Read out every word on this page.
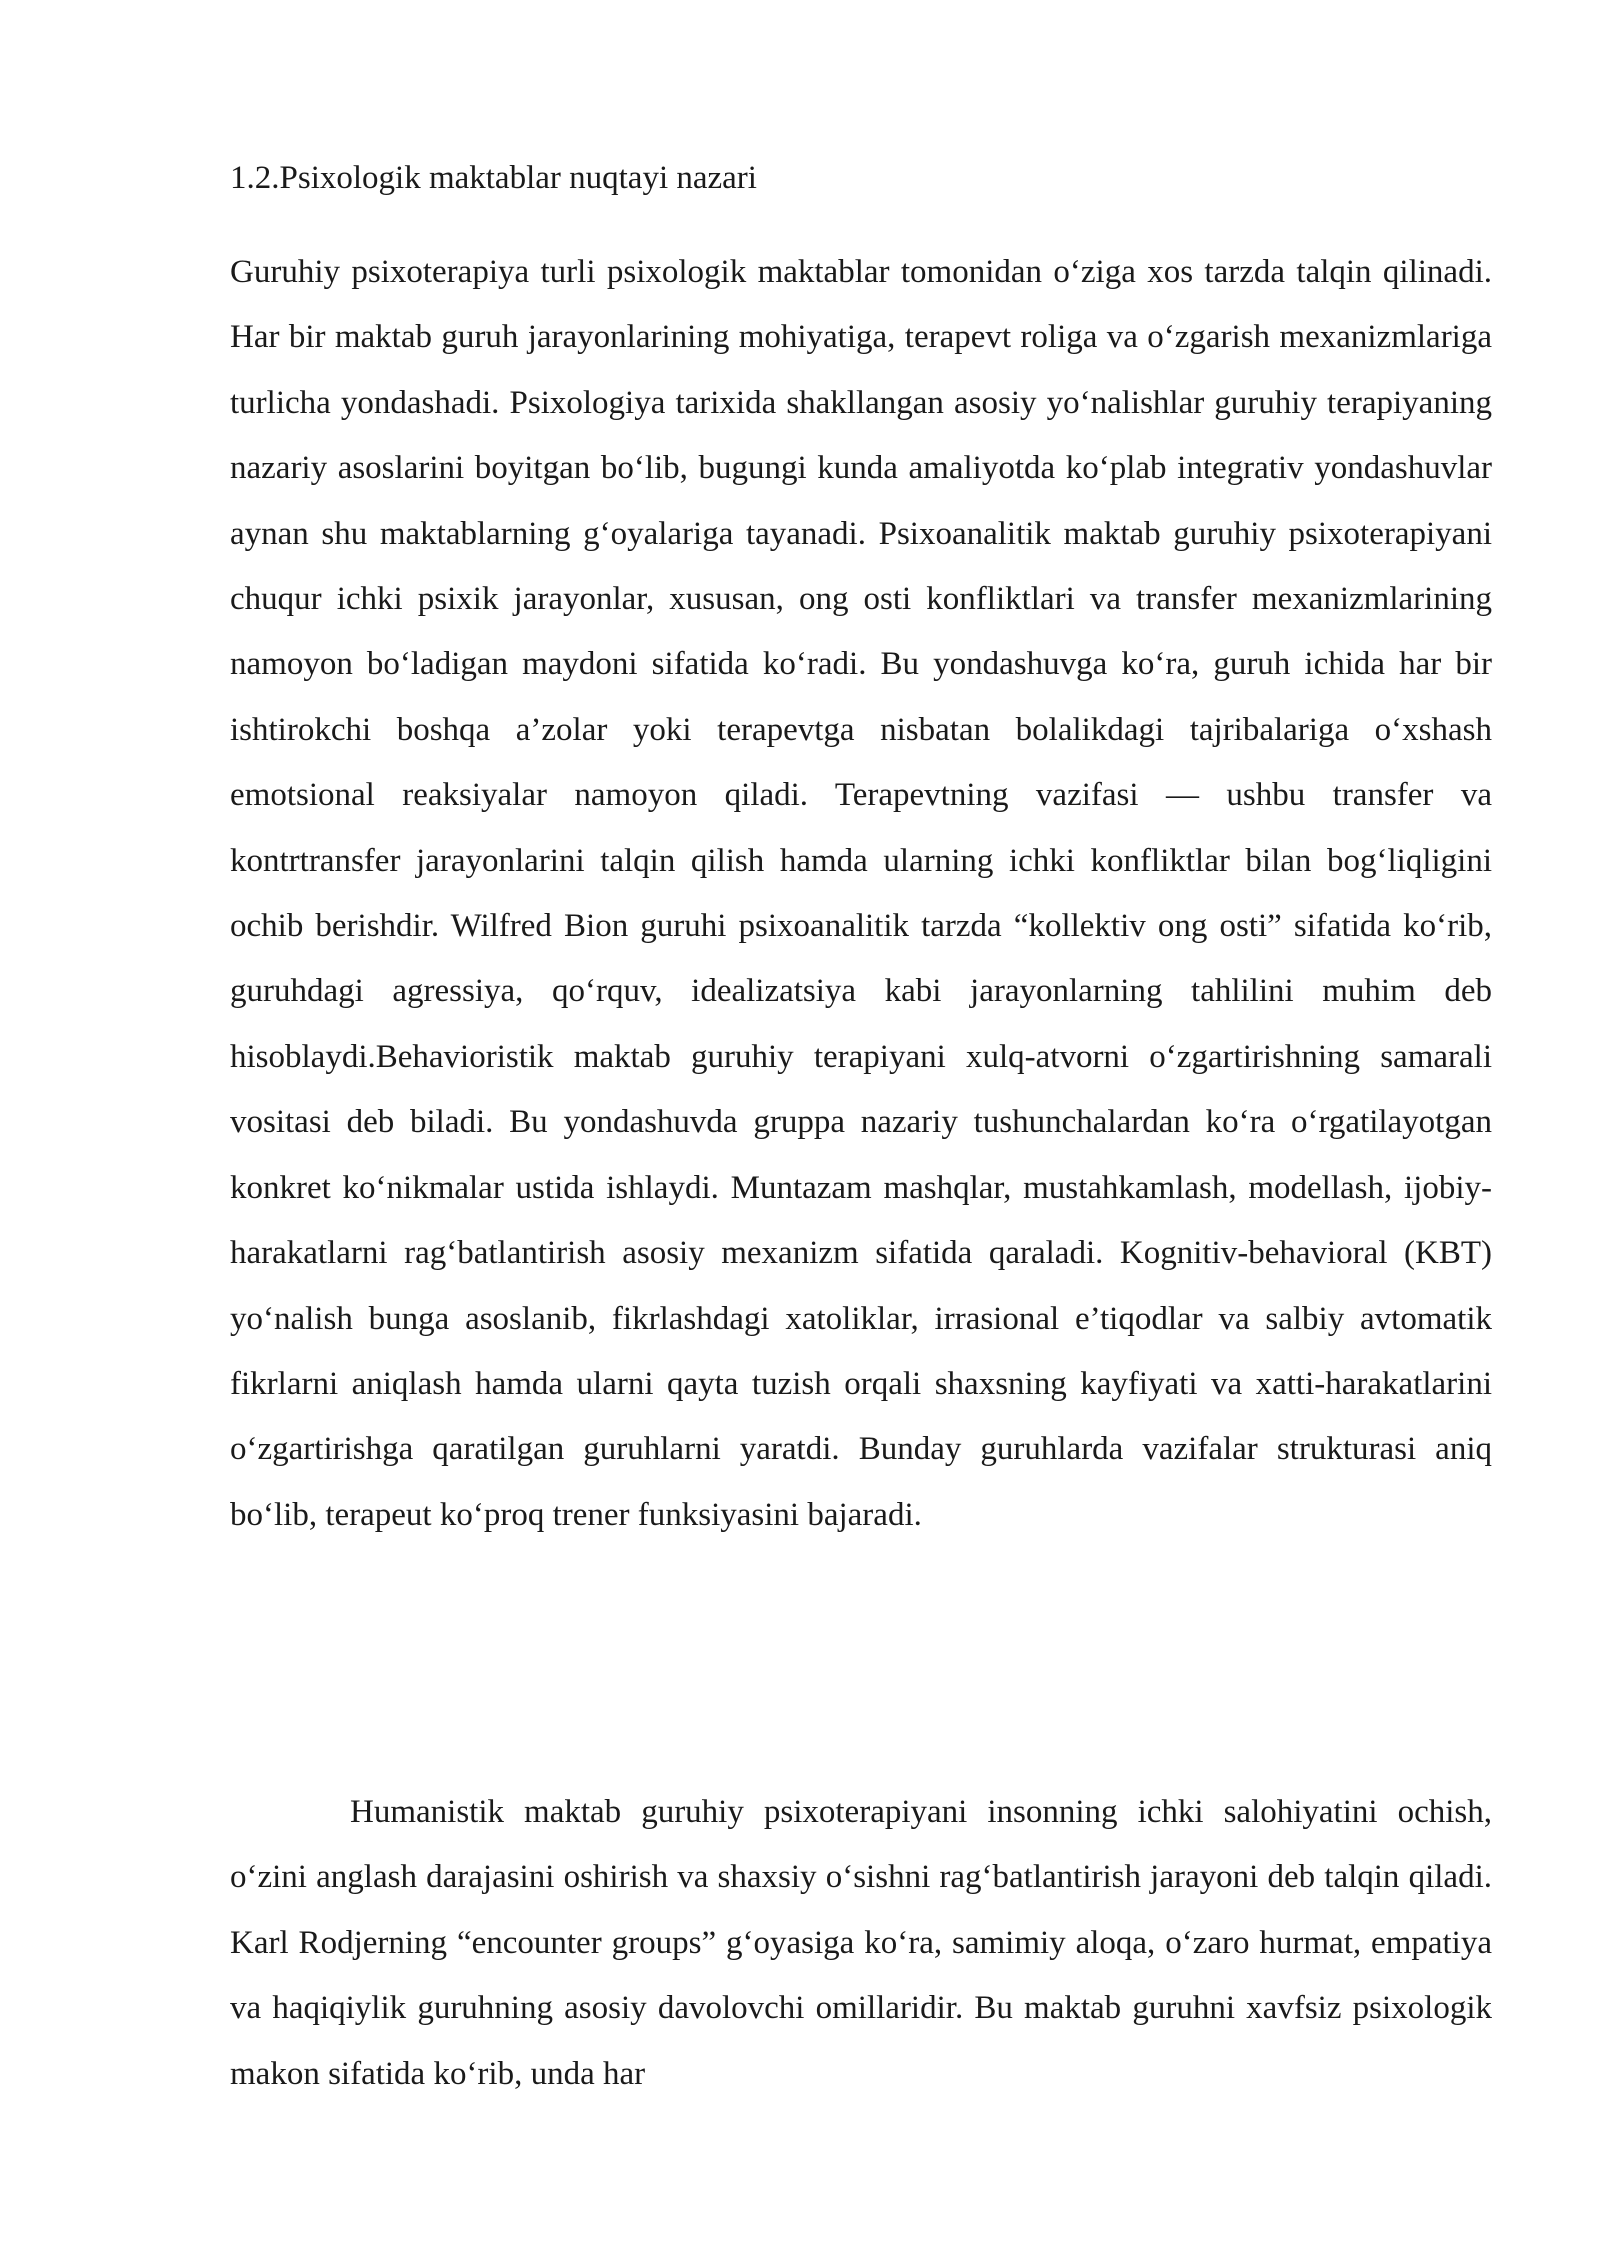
1.2.Psixologik maktablar nuqtayi nazari

Guruhiy psixoterapiya turli psixologik maktablar tomonidan o‘ziga xos tarzda talqin qilinadi. Har bir maktab guruh jarayonlarining mohiyatiga, terapevt roliga va o‘zgarish mexanizmlariga turlicha yondashadi. Psixologiya tarixida shakllangan asosiy yo‘nalishlar guruhiy terapiyaning nazariy asoslarini boyitgan bo‘lib, bugungi kunda amaliyotda ko‘plab integrativ yondashuvlar aynan shu maktablarning g‘oyalariga tayanadi. Psixoanalitik maktab guruhiy psixoterapiyani chuqur ichki psixik jarayonlar, xususan, ong osti konfliktlari va transfer mexanizmlarining namoyon bo‘ladigan maydoni sifatida ko‘radi. Bu yondashuvga ko‘ra, guruh ichida har bir ishtirokchi boshqa a’zolar yoki terapevtga nisbatan bolalikdagi tajribalariga o‘xshash emotsional reaksiyalar namoyon qiladi. Terapevtning vazifasi — ushbu transfer va kontrtransfer jarayonlarini talqin qilish hamda ularning ichki konfliktlar bilan bog‘liqligini ochib berishdir. Wilfred Bion guruhi psixoanalitik tarzda “kollektiv ong osti” sifatida ko‘rib, guruhdagi agressiya, qo‘rquv, idealizatsiya kabi jarayonlarning tahlilini muhim deb hisoblaydi.Behavioristik maktab guruhiy terapiyani xulq-atvorni o‘zgartirishning samarali vositasi deb biladi. Bu yondashuvda gruppa nazariy tushunchalardan ko‘ra o‘rgatilayotgan konkret ko‘nikmalar ustida ishlaydi. Muntazam mashqlar, mustahkamlash, modellash, ijobiy-harakatlarni rag‘batlantirish asosiy mexanizm sifatida qaraladi. Kognitiv-behavioral (KBT) yo‘nalish bunga asoslanib, fikrlashdagi xatoliklar, irrasional e’tiqodlar va salbiy avtomatik fikrlarni aniqlash hamda ularni qayta tuzish orqali shaxsning kayfiyati va xatti-harakatlarini o‘zgartirishga qaratilgan guruhlarni yaratdi. Bunday guruhlarda vazifalar strukturasi aniq bo‘lib, terapeut ko‘proq trener funksiyasini bajaradi.

Humanistik maktab guruhiy psixoterapiyani insonning ichki salohiyatini ochish, o‘zini anglash darajasini oshirish va shaxsiy o‘sishni rag‘batlantirish jarayoni deb talqin qiladi. Karl Rodjerning “encounter groups” g‘oyasiga ko‘ra, samimiy aloqa, o‘zaro hurmat, empatiya va haqiqiylik guruhning asosiy davolovchi omillaridir. Bu maktab guruhni xavfsiz psixologik makon sifatida ko‘rib, unda har
